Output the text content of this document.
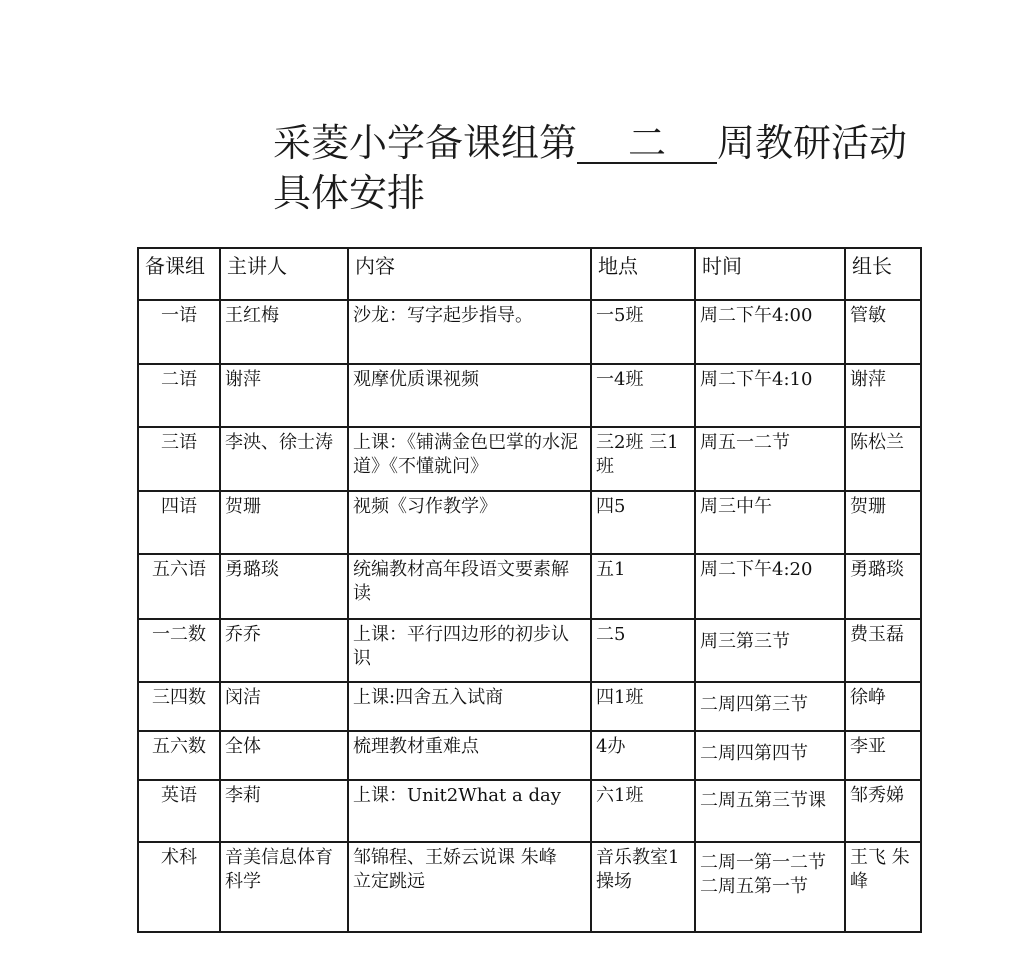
采菱小学备课组第 二 周教研活动
具体安排
备课组	主讲人	内容	地点	时间	组长
一语	王红梅	沙龙：写字起步指导。	一5班	周二下午4:00	管敏
二语	谢萍	观摩优质课视频	一4班	周二下午4:10	谢萍
三语	李泱、徐士涛	上课：《铺满金色巴掌的水泥道》《不懂就问》	三2班 三1班	周五一二节	陈松兰
四语	贺珊	视频《习作教学》	四5	周三中午	贺珊
五六语	勇璐琰	统编教材高年段语文要素解读	五1	周二下午4:20	勇璐琰
一二数	乔乔	上课：平行四边形的初步认识	二5	周三第三节	费玉磊
三四数	闵洁	上课:四舍五入试商	四1班	二周四第三节	徐峥
五六数	全体	梳理教材重难点	4办	二周四第四节	李亚
英语	李莉	上课：Unit2What a day	六1班	二周五第三节课	邹秀娣
术科	音美信息体育科学	邹锦程、王娇云说课 朱峰　立定跳远	音乐教室1 操场	二周一第一二节 二周五第一节	王飞 朱峰
